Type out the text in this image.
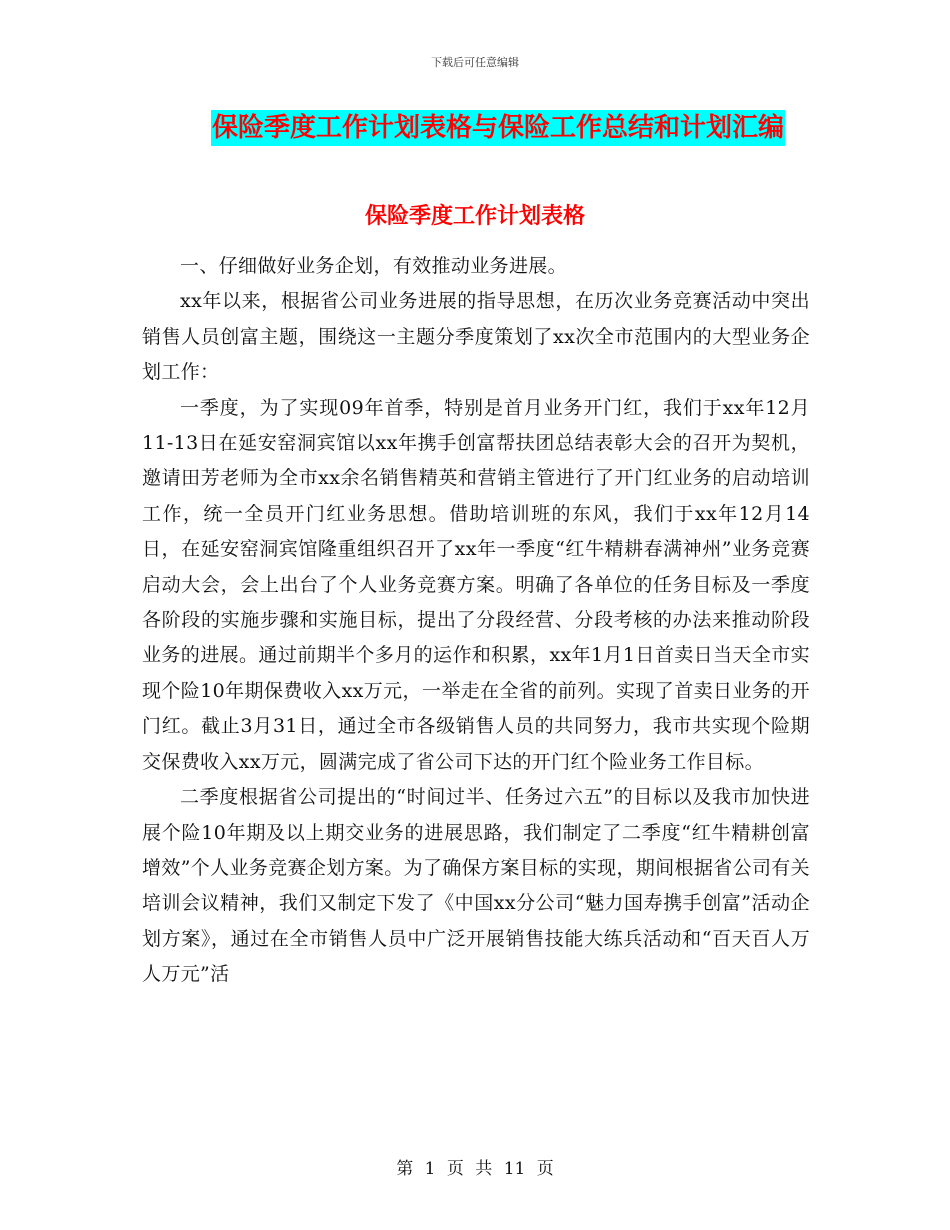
下载后可任意编辑
保险季度工作计划表格与保险工作总结和计划汇编
保险季度工作计划表格

一、仔细做好业务企划，有效推动业务进展。

xx年以来，根据省公司业务进展的指导思想，在历次业务竞赛活动中突出销售人员创富主题，围绕这一主题分季度策划了xx次全市范围内的大型业务企划工作：

一季度，为了实现09年首季，特别是首月业务开门红，我们于xx年12月11-13日在延安窑洞宾馆以xx年携手创富帮扶团总结表彰大会的召开为契机，邀请田芳老师为全市xx余名销售精英和营销主管进行了开门红业务的启动培训工作，统一全员开门红业务思想。借助培训班的东风，我们于xx年12月14日，在延安窑洞宾馆隆重组织召开了xx年一季度“红牛精耕春满神州”业务竞赛启动大会，会上出台了个人业务竞赛方案。明确了各单位的任务目标及一季度各阶段的实施步骤和实施目标，提出了分段经营、分段考核的办法来推动阶段业务的进展。通过前期半个多月的运作和积累，xx年1月1日首卖日当天全市实现个险10年期保费收入xx万元，一举走在全省的前列。实现了首卖日业务的开门红。截止3月31日，通过全市各级销售人员的共同努力，我市共实现个险期交保费收入xx万元，圆满完成了省公司下达的开门红个险业务工作目标。

二季度根据省公司提出的“时间过半、任务过六五”的目标以及我市加快进展个险10年期及以上期交业务的进展思路，我们制定了二季度“红牛精耕创富增效”个人业务竞赛企划方案。为了确保方案目标的实现，期间根据省公司有关培训会议精神，我们又制定下发了《中国xx分公司“魅力国寿携手创富”活动企划方案》，通过在全市销售人员中广泛开展销售技能大练兵活动和“百天百人万人万元”活

第 1 页 共 11 页
